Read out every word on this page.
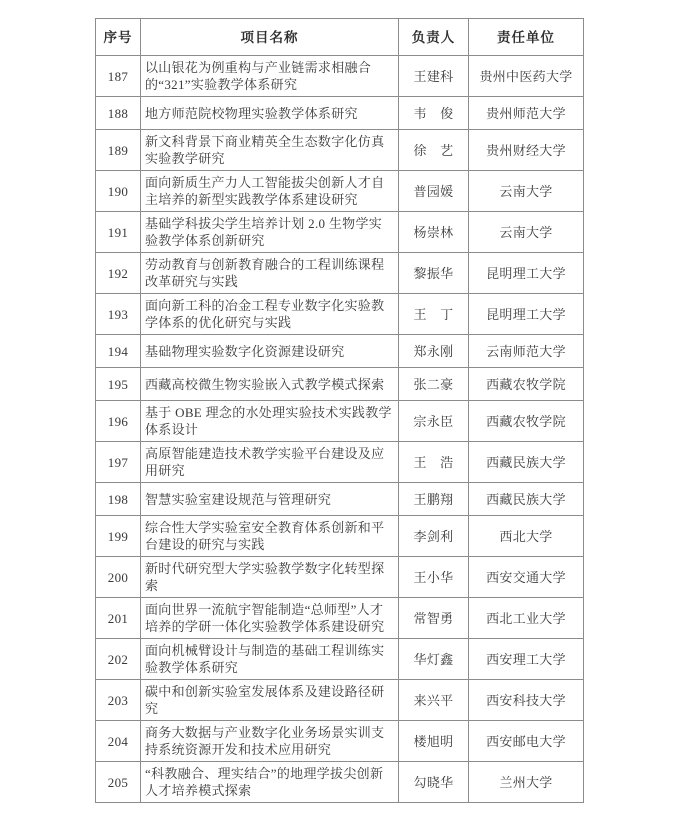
序号	项目名称	负责人	责任单位
187	以山银花为例重构与产业链需求相融合的“321”实验教学体系研究	王建科	贵州中医药大学
188	地方师范院校物理实验教学体系研究	韦　俊	贵州师范大学
189	新文科背景下商业精英全生态数字化仿真实验教学研究	徐　艺	贵州财经大学
190	面向新质生产力人工智能拔尖创新人才自主培养的新型实践教学体系建设研究	普园媛	云南大学
191	基础学科拔尖学生培养计划 2.0 生物学实验教学体系创新研究	杨崇林	云南大学
192	劳动教育与创新教育融合的工程训练课程改革研究与实践	黎振华	昆明理工大学
193	面向新工科的冶金工程专业数字化实验教学体系的优化研究与实践	王　丁	昆明理工大学
194	基础物理实验数字化资源建设研究	郑永刚	云南师范大学
195	西藏高校微生物实验嵌入式教学模式探索	张二豪	西藏农牧学院
196	基于 OBE 理念的水处理实验技术实践教学体系设计	宗永臣	西藏农牧学院
197	高原智能建造技术教学实验平台建设及应用研究	王　浩	西藏民族大学
198	智慧实验室建设规范与管理研究	王鹏翔	西藏民族大学
199	综合性大学实验室安全教育体系创新和平台建设的研究与实践	李剑利	西北大学
200	新时代研究型大学实验教学数字化转型探索	王小华	西安交通大学
201	面向世界一流航宇智能制造“总师型”人才培养的学研一体化实验教学体系建设研究	常智勇	西北工业大学
202	面向机械臂设计与制造的基础工程训练实验教学体系研究	华灯鑫	西安理工大学
203	碳中和创新实验室发展体系及建设路径研究	来兴平	西安科技大学
204	商务大数据与产业数字化业务场景实训支持系统资源开发和技术应用研究	楼旭明	西安邮电大学
205	“科教融合、理实结合”的地理学拔尖创新人才培养模式探索	勾晓华	兰州大学
